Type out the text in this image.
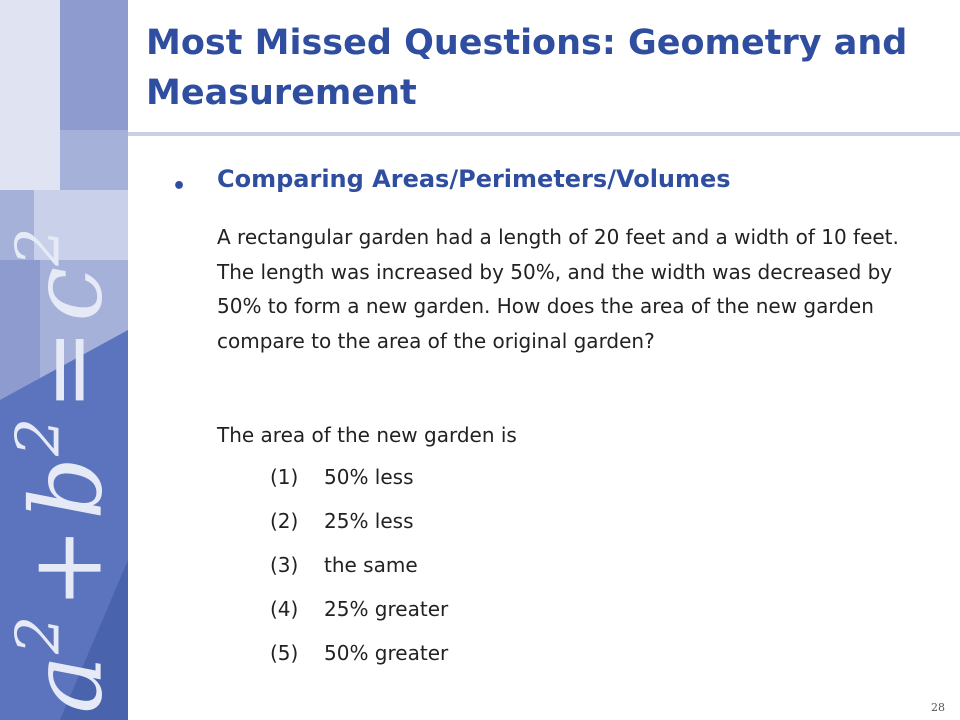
$a^2+b^2=c^2$
Most Missed Questions: Geometry and Measurement
• Comparing Areas/Perimeters/Volumes

A rectangular garden had a length of 20 feet and a width of 10 feet. The length was increased by 50%, and the width was decreased by 50% to form a new garden. How does the area of the new garden compare to the area of the original garden?

The area of the new garden is
(1)	50% less
(2)	25% less
(3)	the same
(4)	25% greater
(5)	50% greater
28
